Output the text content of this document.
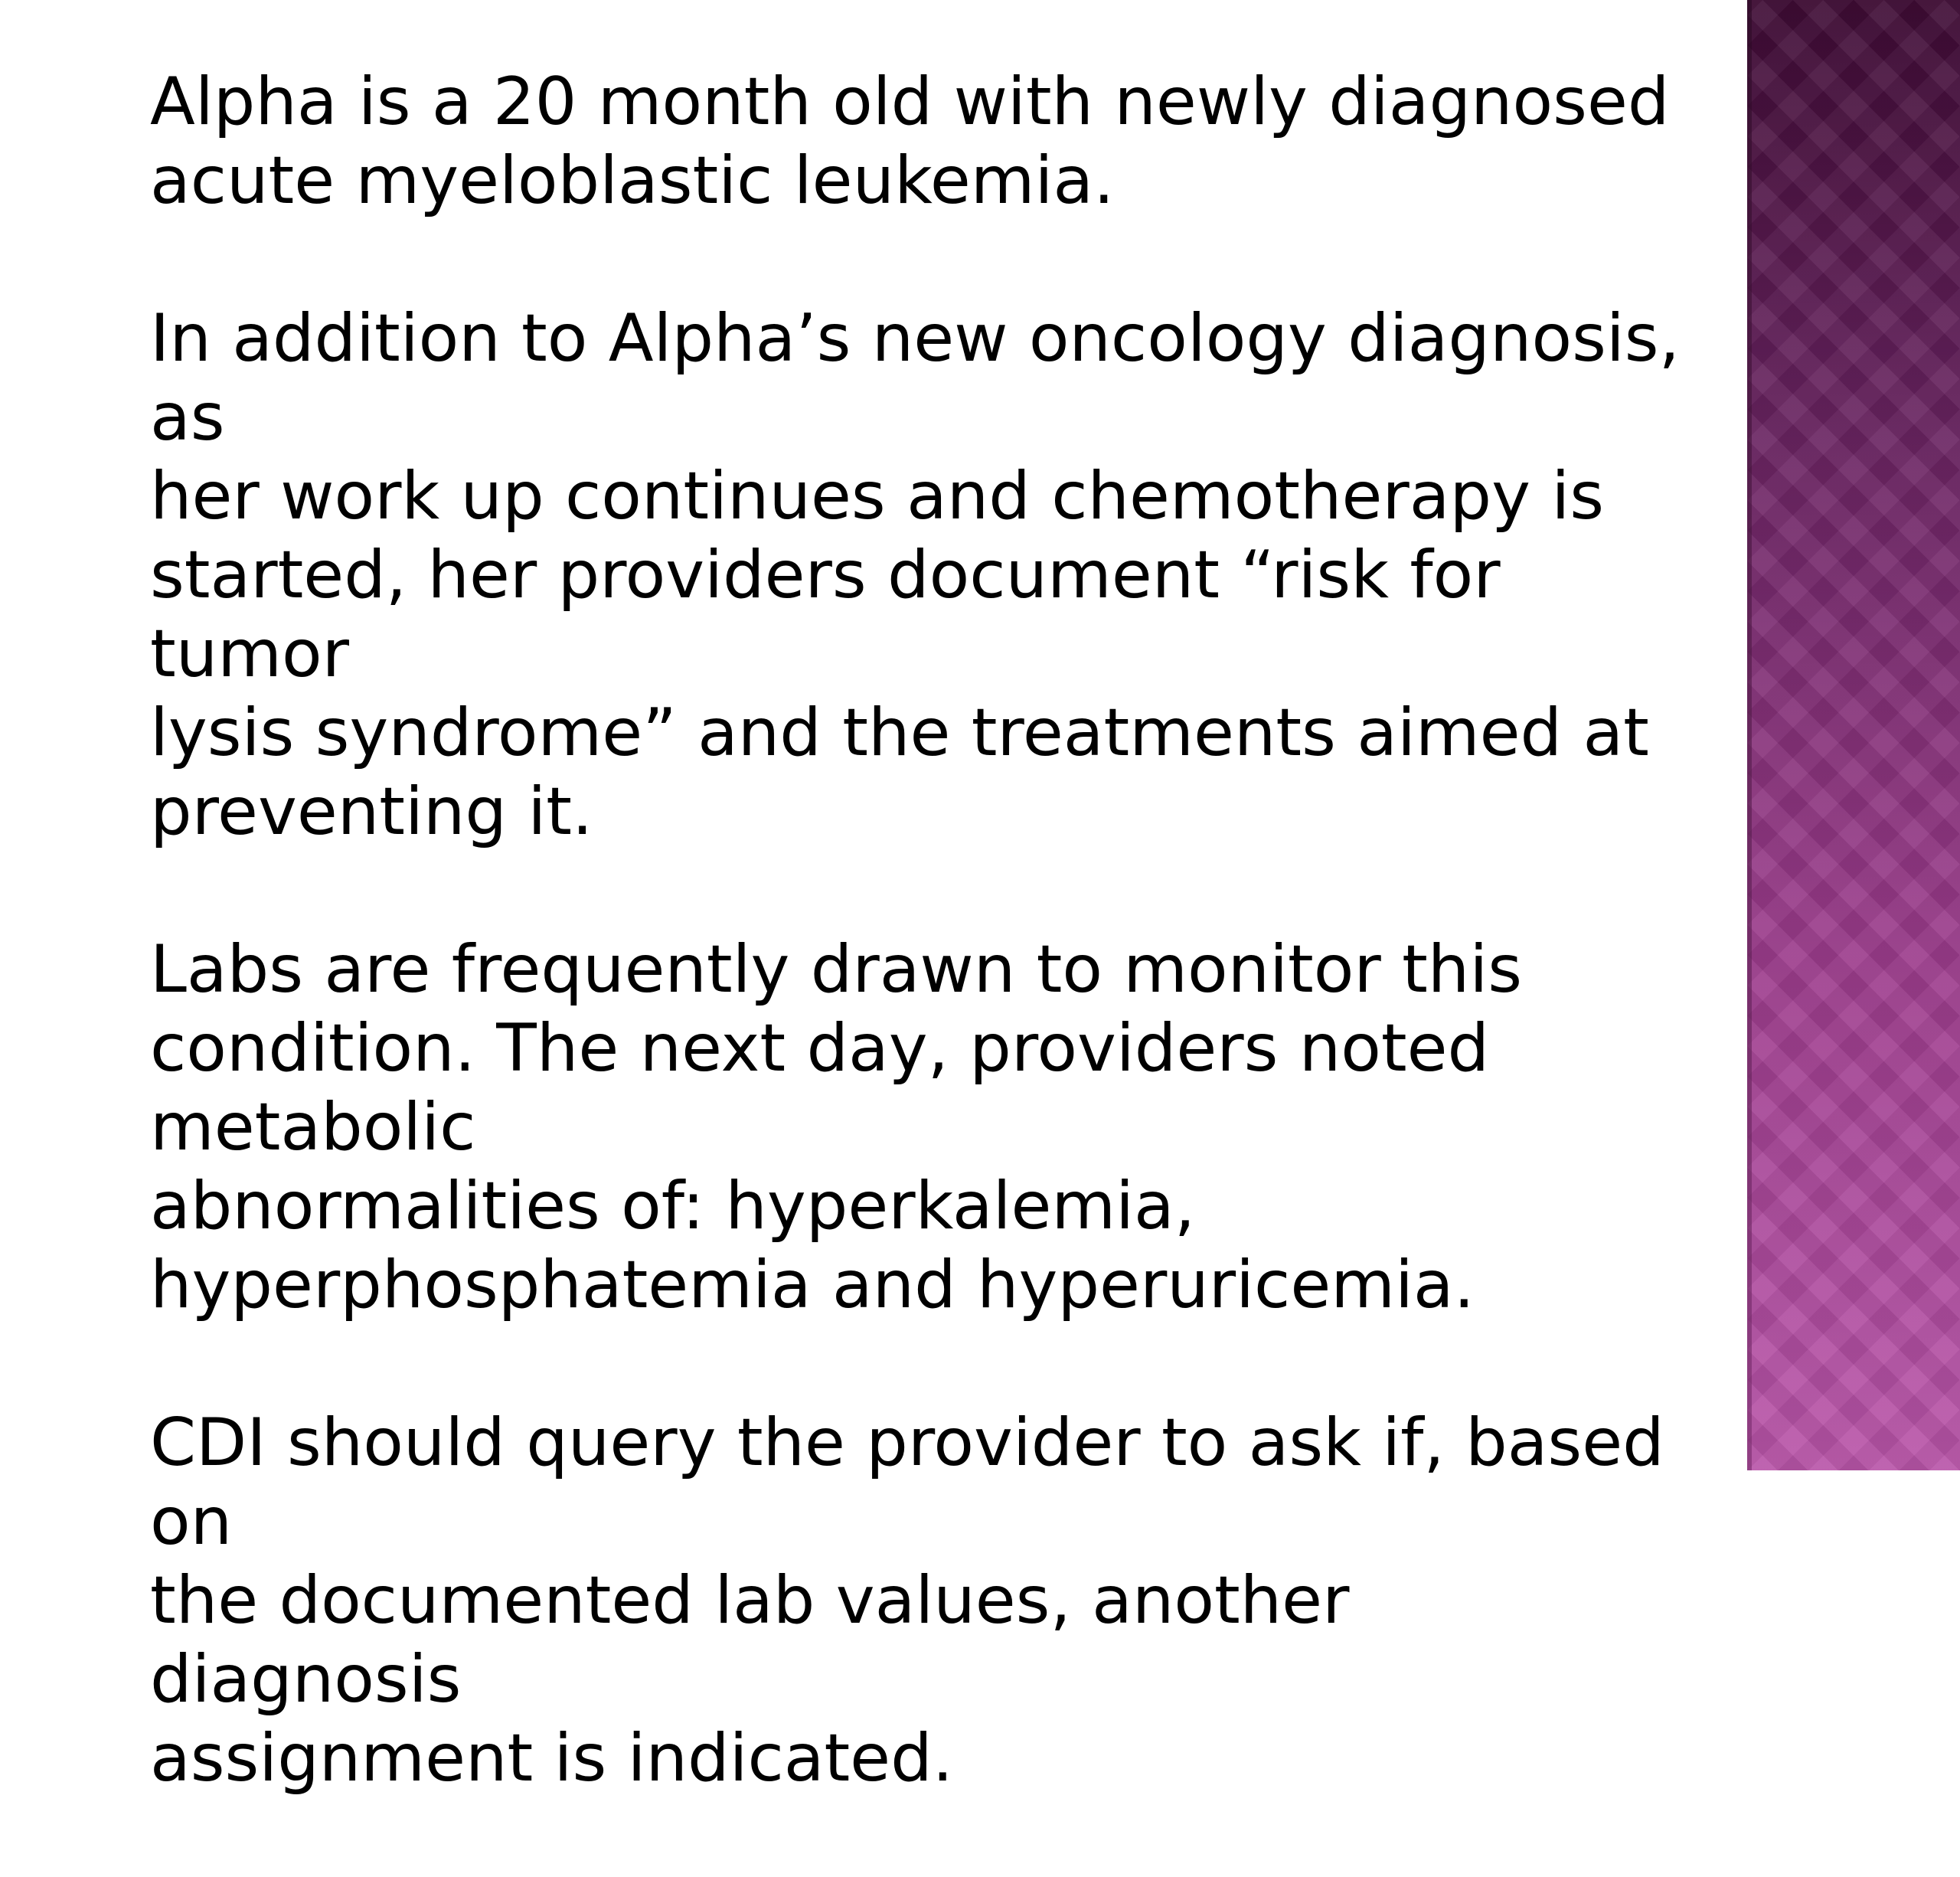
Alpha is a 20 month old with newly diagnosed
acute myeloblastic leukemia.

In addition to Alpha’s new oncology diagnosis, as
her work up continues and chemotherapy is
started, her providers document “risk for tumor
lysis syndrome” and the treatments aimed at
preventing it.

Labs are frequently drawn to monitor this
condition. The next day, providers noted metabolic
abnormalities of: hyperkalemia,
hyperphosphatemia and hyperuricemia.

CDI should query the provider to ask if, based on
the documented lab values, another diagnosis
assignment is indicated.
